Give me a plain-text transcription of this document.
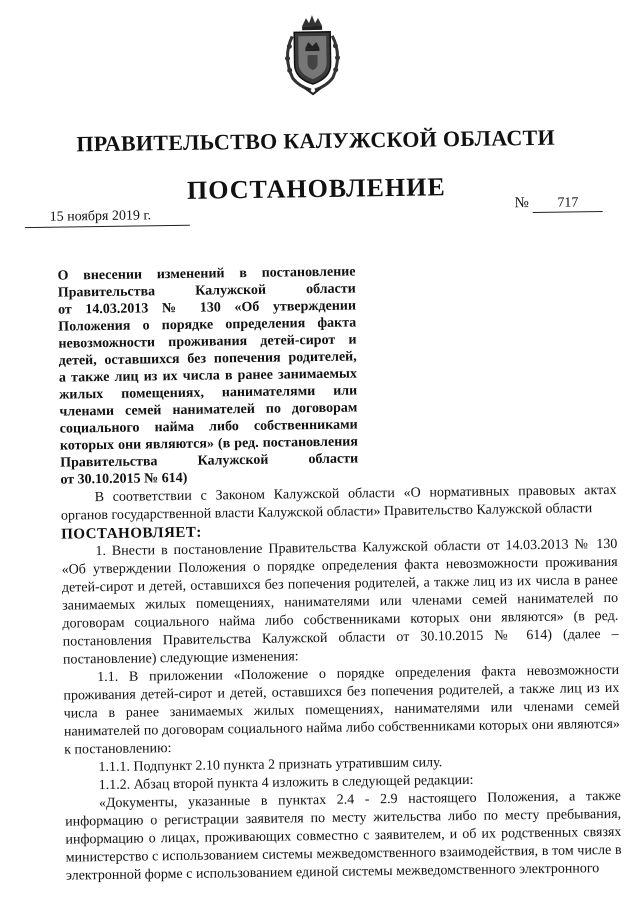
ПРАВИТЕЛЬСТВО КАЛУЖСКОЙ ОБЛАСТИ
ПОСТАНОВЛЕНИЕ
15 ноября 2019 г.
№ 717
О внесении изменений в постановление
Правительства Калужской области
от 14.03.2013 № 130 «Об утверждении
Положения о порядке определения факта
невозможности проживания детей-сирот и
детей, оставшихся без попечения родителей,
а также лиц из их числа в ранее занимаемых
жилых помещениях, нанимателями или
членами семей нанимателей по договорам
социального найма либо собственниками
которых они являются» (в ред. постановления
Правительства Калужской области
от 30.10.2015 № 614)

В соответствии с Законом Калужской области «О нормативных правовых актах органов государственной власти Калужской области» Правительство Калужской области

ПОСТАНОВЛЯЕТ:

1. Внести в постановление Правительства Калужской области от 14.03.2013 № 130 «Об утверждении Положения о порядке определения факта невозможности проживания детей-сирот и детей, оставшихся без попечения родителей, а также лиц из их числа в ранее занимаемых жилых помещениях, нанимателями или членами семей нанимателей по договорам социального найма либо собственниками которых они являются» (в ред. постановления Правительства Калужской области от 30.10.2015 № 614) (далее – постановление) следующие изменения:

1.1. В приложении «Положение о порядке определения факта невозможности проживания детей-сирот и детей, оставшихся без попечения родителей, а также лиц из их числа в ранее занимаемых жилых помещениях, нанимателями или членами семей нанимателей по договорам социального найма либо собственниками которых они являются» к постановлению:

1.1.1. Подпункт 2.10 пункта 2 признать утратившим силу.

1.1.2. Абзац второй пункта 4 изложить в следующей редакции:

«Документы, указанные в пунктах 2.4 - 2.9 настоящего Положения, а также информацию о регистрации заявителя по месту жительства либо по месту пребывания, информацию о лицах, проживающих совместно с заявителем, и об их родственных связях министерство с использованием системы межведомственного взаимодействия, в том числе в электронной форме с использованием единой системы межведомственного электронного
